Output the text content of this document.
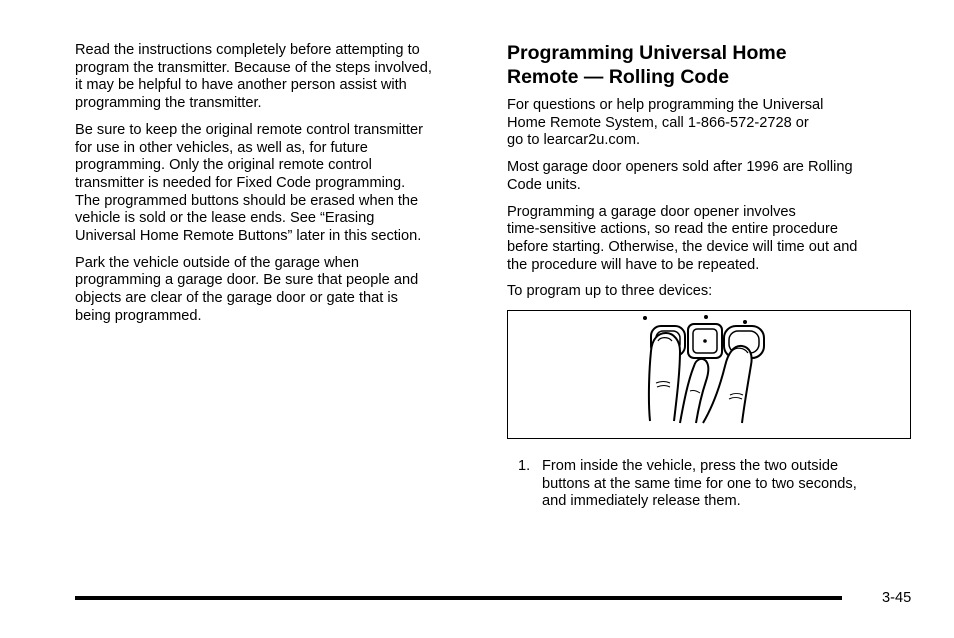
Read the instructions completely before attempting to
program the transmitter. Because of the steps involved,
it may be helpful to have another person assist with
programming the transmitter.

Be sure to keep the original remote control transmitter
for use in other vehicles, as well as, for future
programming. Only the original remote control
transmitter is needed for Fixed Code programming.
The programmed buttons should be erased when the
vehicle is sold or the lease ends. See “Erasing
Universal Home Remote Buttons” later in this section.

Park the vehicle outside of the garage when
programming a garage door. Be sure that people and
objects are clear of the garage door or gate that is
being programmed.

Programming Universal Home
Remote — Rolling Code

For questions or help programming the Universal
Home Remote System, call 1-866-572-2728 or
go to learcar2u.com.

Most garage door openers sold after 1996 are Rolling
Code units.

Programming a garage door opener involves
time-sensitive actions, so read the entire procedure
before starting. Otherwise, the device will time out and
the procedure will have to be repeated.

To program up to three devices:

1. From inside the vehicle, press the two outside
buttons at the same time for one to two seconds,
and immediately release them.
3-45
